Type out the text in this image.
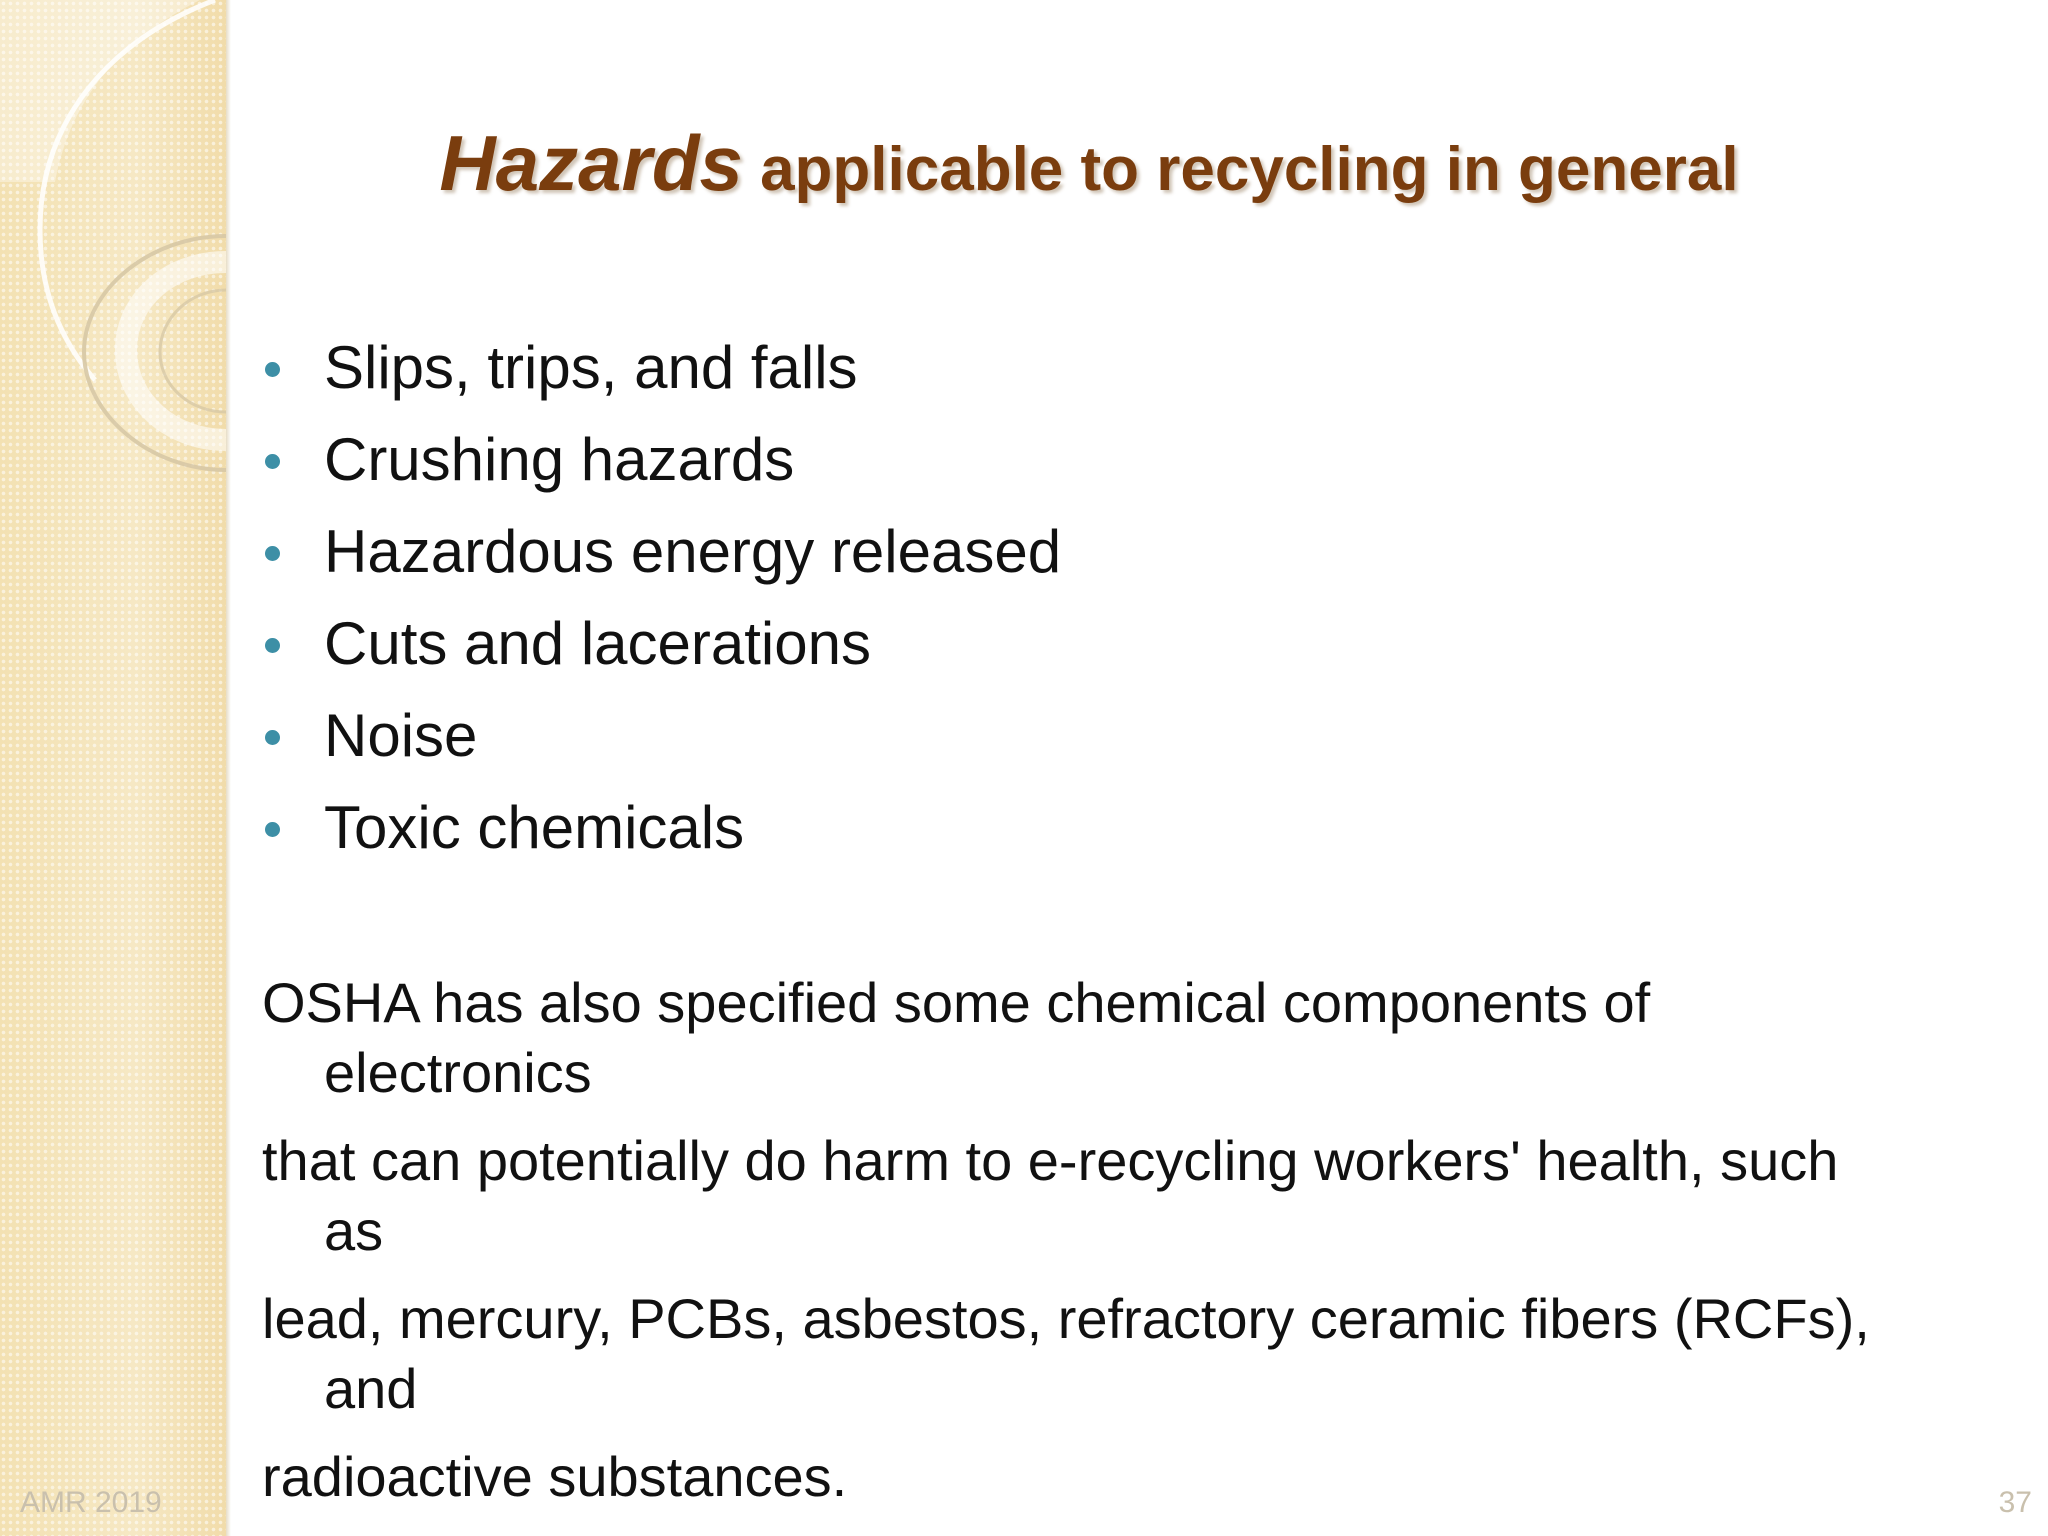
Hazards applicable to recycling in general
Slips, trips, and falls
Crushing hazards
Hazardous energy released
Cuts and lacerations
Noise
Toxic chemicals

OSHA has also specified some chemical components of electronics

that can potentially do harm to e-recycling workers' health, such as

lead, mercury, PCBs, asbestos, refractory ceramic fibers (RCFs), and

radioactive substances.

AMR 2019	37
